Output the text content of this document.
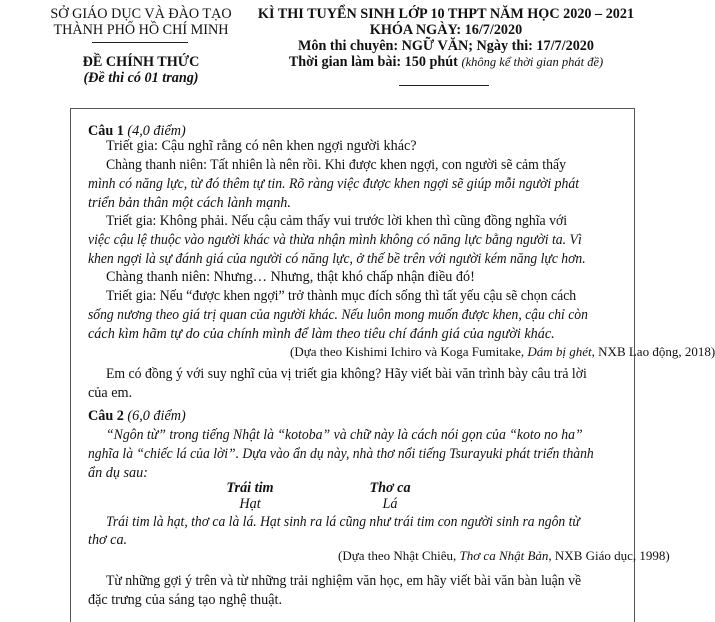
SỞ GIÁO DỤC VÀ ĐÀO TẠO
THÀNH PHỐ HỒ CHÍ MINH
ĐỀ CHÍNH THỨC
(Đề thi có 01 trang)
KÌ THI TUYỂN SINH LỚP 10 THPT NĂM HỌC 2020 – 2021
KHÓA NGÀY: 16/7/2020
Môn thi chuyên: NGỮ VĂN; Ngày thi: 17/7/2020
Thời gian làm bài: 150 phút (không kể thời gian phát đề)
Câu 1 (4,0 điểm)
Triết gia: Cậu nghĩ rằng có nên khen ngợi người khác?
Chàng thanh niên: Tất nhiên là nên rồi. Khi được khen ngợi, con người sẽ cảm thấy
mình có năng lực, từ đó thêm tự tin. Rõ ràng việc được khen ngợi sẽ giúp mỗi người phát
triển bản thân một cách lành mạnh.
Triết gia: Không phải. Nếu cậu cảm thấy vui trước lời khen thì cũng đồng nghĩa với
việc cậu lệ thuộc vào người khác và thừa nhận mình không có năng lực bằng người ta. Vì
khen ngợi là sự đánh giá của người có năng lực, ở thế bề trên với người kém năng lực hơn.
Chàng thanh niên: Nhưng… Nhưng, thật khó chấp nhận điều đó!
Triết gia: Nếu “được khen ngợi” trở thành mục đích sống thì tất yếu cậu sẽ chọn cách
sống nương theo giá trị quan của người khác. Nếu luôn mong muốn được khen, cậu chỉ còn
cách kìm hãm tự do của chính mình để làm theo tiêu chí đánh giá của người khác.
(Dựa theo Kishimi Ichiro và Koga Fumitake, Dám bị ghét, NXB Lao động, 2018)
Em có đồng ý với suy nghĩ của vị triết gia không? Hãy viết bài văn trình bày câu trả lời
của em.
Câu 2 (6,0 điểm)
“Ngôn từ” trong tiếng Nhật là “kotoba” và chữ này là cách nói gọn của “koto no ha”
nghĩa là “chiếc lá của lời”. Dựa vào ẩn dụ này, nhà thơ nổi tiếng Tsurayuki phát triển thành
ẩn dụ sau:
Trái tim	Thơ ca
Hạt	Lá
Trái tim là hạt, thơ ca là lá. Hạt sinh ra lá cũng như trái tim con người sinh ra ngôn từ
thơ ca.
(Dựa theo Nhật Chiêu, Thơ ca Nhật Bản, NXB Giáo dục, 1998)
Từ những gợi ý trên và từ những trải nghiệm văn học, em hãy viết bài văn bàn luận về
đặc trưng của sáng tạo nghệ thuật.
